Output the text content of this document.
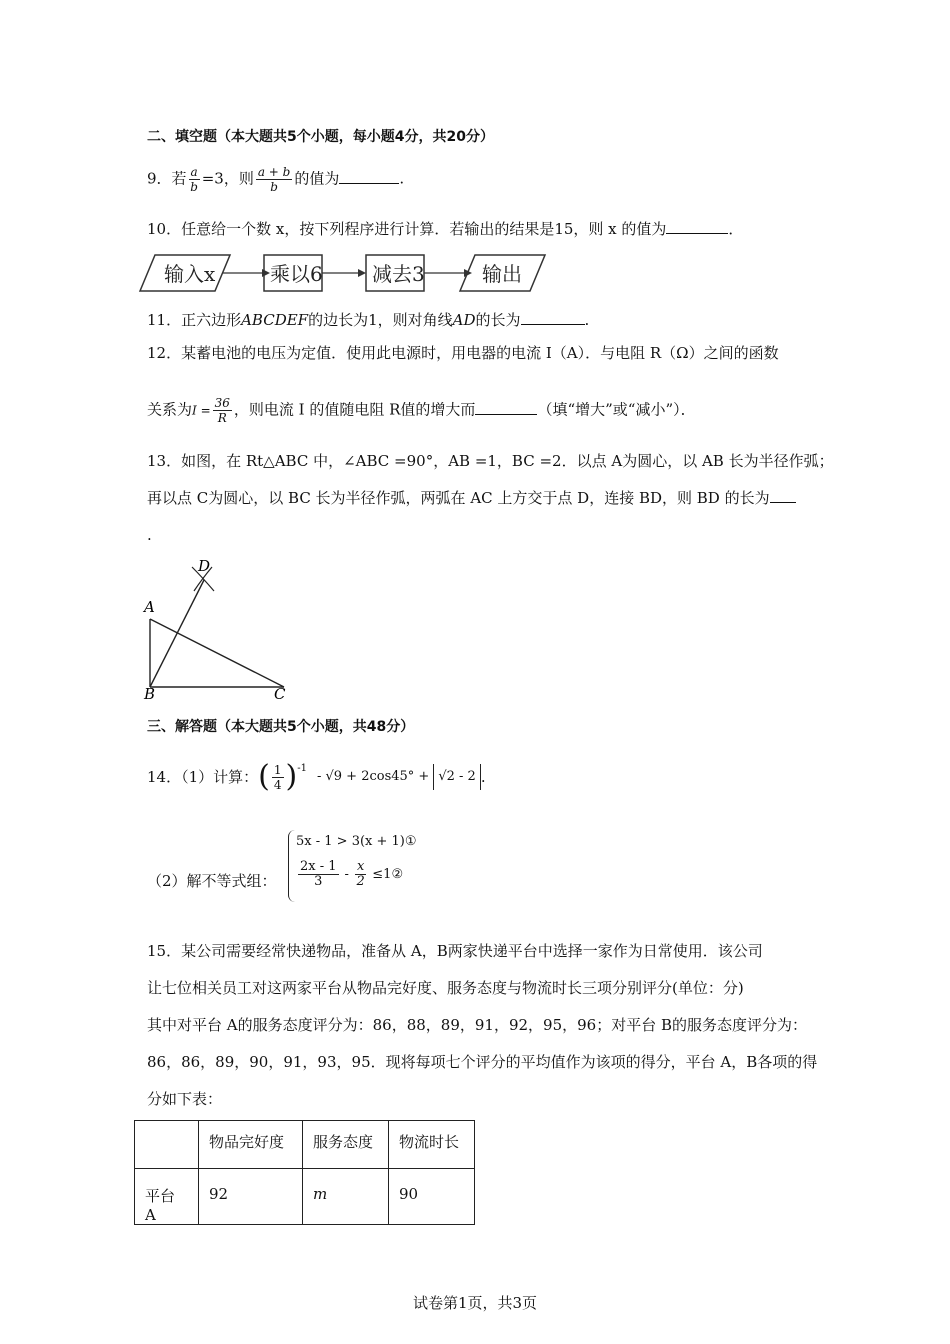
二、填空题（本大题共5个小题，每小题4分，共20分）
9．若 $\frac{a}{b} =3$，则 $\frac{a + b}{b}$ 的值为	.
10．任意给一个数 x，按下列程序进行计算．若输出的结果是15，则 x 的值为	．
输入x	乘以6 减去3	输出
11．正六边形ABCDEF的边长为1，则对角线AD的长为	.
12．某蓄电池的电压为定值．使用此电源时，用电器的电流 I（A）．与电阻 R（Ω）之间的函数
关系为$I = \frac{36}{R}$ ，则电流 I 的值随电阻 R值的增大而	（填“增大”或“减小”）．
13．如图，在 Rt△ABC 中，∠ABC =90°，AB =1，BC =2．以点 A为圆心，以 AB 长为半径作弧；
再以点 C为圆心，以 BC 长为半径作弧，两弧在 AC 上方交于点 D，连接 BD，则 BD 的长为
.
D
A
B	C
三、解答题（本大题共5个小题，共48分）
14．（1）计算： ( $\frac{1}{4} )^{-1}$
- √9 + 2cos45° + √2 - 2 .
（2）解不等式组：
5x - 1 > 3(x + 1)①
$\frac{2x - 1}{3} - \frac{x}{2}$ ≤1②
15．某公司需要经常快递物品，准备从 A，B两家快递平台中选择一家作为日常使用．该公司
让七位相关员工对这两家平台从物品完好度、服务态度与物流时长三项分别评分(单位：分)
其中对平台 A的服务态度评分为：86，88，89，91，92，95，96；对平台 B的服务态度评分为：
86，86，89，90，91，93，95．现将每项七个评分的平均值作为该项的得分，平台 A，B各项的得
分如下表：
	物品完好度	服务态度	物流时长
平台 A	92	m	90
试卷第1页，共3页
